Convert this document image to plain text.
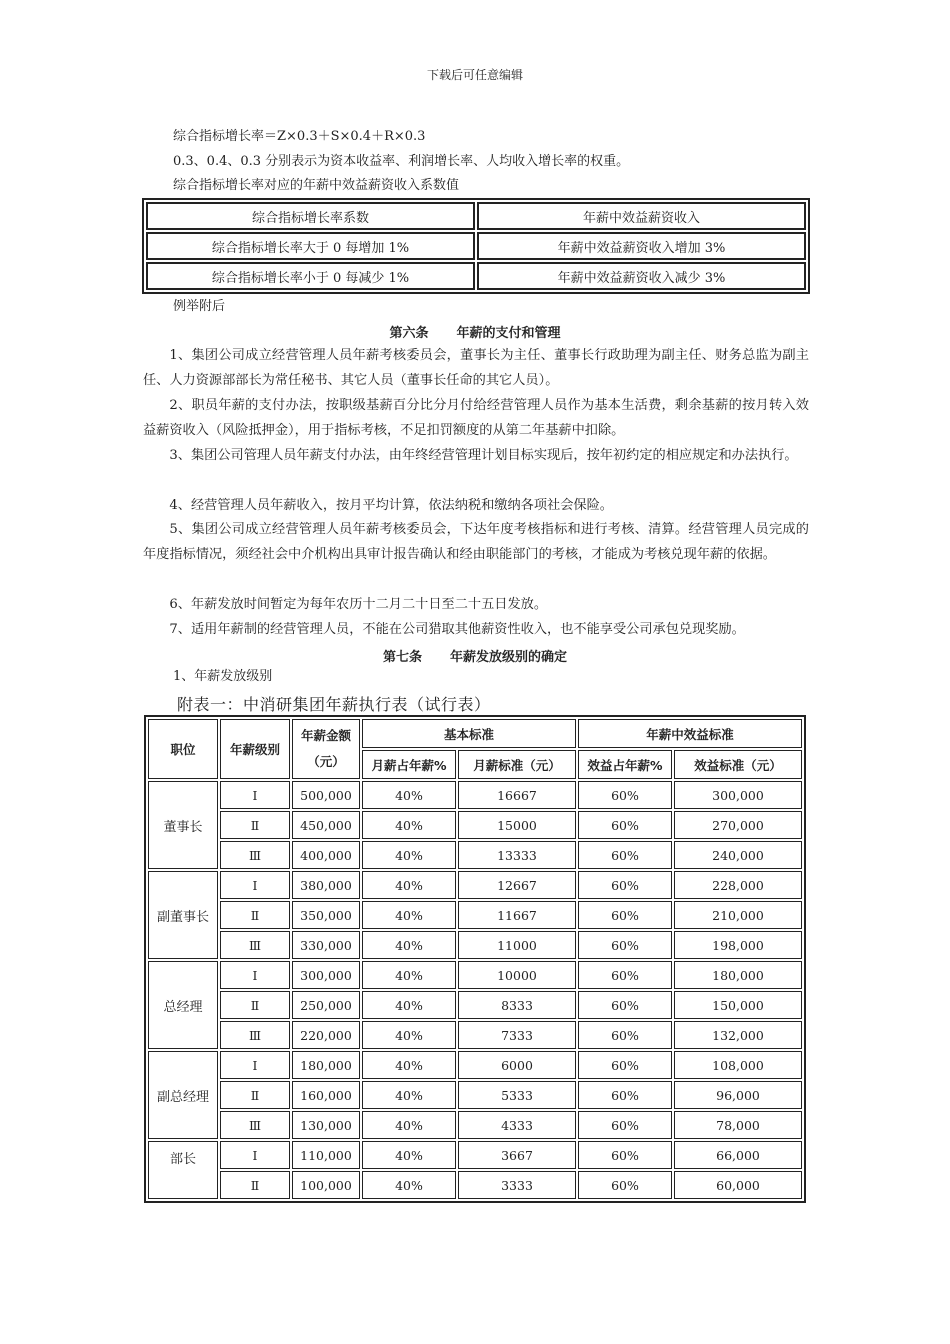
下载后可任意编辑
综合指标增长率＝Z×0.3＋S×0.4＋R×0.3
0.3、0.4、0.3 分别表示为资本收益率、利润增长率、人均收入增长率的权重。
综合指标增长率对应的年薪中效益薪资收入系数值
综合指标增长率系数	年薪中效益薪资收入
综合指标增长率大于 0 每增加 1%	年薪中效益薪资收入增加 3%
综合指标增长率小于 0 每减少 1%	年薪中效益薪资收入减少 3%
例举附后
第六条 年薪的支付和管理
1、集团公司成立经营管理人员年薪考核委员会，董事长为主任、董事长行政助理为副主任、财务总监为副主任、人力资源部部长为常任秘书、其它人员（董事长任命的其它人员）。
2、职员年薪的支付办法，按职级基薪百分比分月付给经营管理人员作为基本生活费，剩余基薪的按月转入效益薪资收入（风险抵押金），用于指标考核，不足扣罚额度的从第二年基薪中扣除。
3、集团公司管理人员年薪支付办法，由年终经营管理计划目标实现后，按年初约定的相应规定和办法执行。
4、经营管理人员年薪收入，按月平均计算，依法纳税和缴纳各项社会保险。
5、集团公司成立经营管理人员年薪考核委员会，下达年度考核指标和进行考核、清算。经营管理人员完成的年度指标情况，须经社会中介机构出具审计报告确认和经由职能部门的考核，才能成为考核兑现年薪的依据。
6、年薪发放时间暂定为每年农历十二月二十日至二十五日发放。
7、适用年薪制的经营管理人员，不能在公司猎取其他薪资性收入，也不能享受公司承包兑现奖励。
第七条 年薪发放级别的确定
1、年薪发放级别
附表一：中消研集团年薪执行表（试行表）
职位	年薪级别	年薪金额（元）	基本标准		年薪中效益标准	
			月薪占年薪%	月薪标准（元）	效益占年薪%	效益标准（元）
董事长	Ⅰ	500,000	40%	16667	60%	300,000
	Ⅱ	450,000	40%	15000	60%	270,000
	Ⅲ	400,000	40%	13333	60%	240,000
副董事长	Ⅰ	380,000	40%	12667	60%	228,000
	Ⅱ	350,000	40%	11667	60%	210,000
	Ⅲ	330,000	40%	11000	60%	198,000
总经理	Ⅰ	300,000	40%	10000	60%	180,000
	Ⅱ	250,000	40%	8333	60%	150,000
	Ⅲ	220,000	40%	7333	60%	132,000
副总经理	Ⅰ	180,000	40%	6000	60%	108,000
	Ⅱ	160,000	40%	5333	60%	96,000
	Ⅲ	130,000	40%	4333	60%	78,000
部长	Ⅰ	110,000	40%	3667	60%	66,000
	Ⅱ	100,000	40%	3333	60%	60,000
